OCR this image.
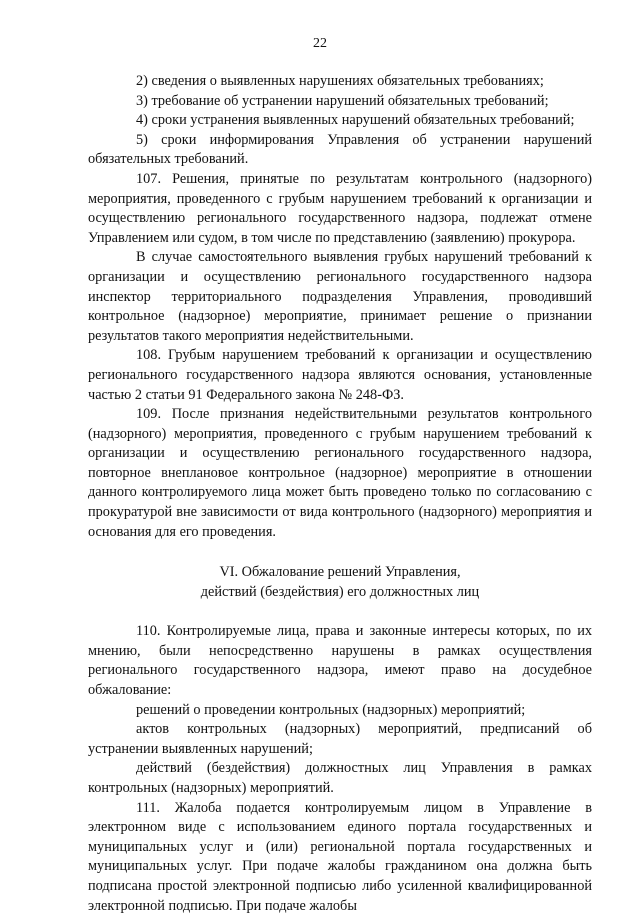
22

2) сведения о выявленных нарушениях обязательных требованиях;

3) требование об устранении нарушений обязательных требований;

4) сроки устранения выявленных нарушений обязательных требований;

5) сроки информирования Управления об устранении нарушений обязательных требований.

107. Решения, принятые по результатам контрольного (надзорного) мероприятия, проведенного с грубым нарушением требований к организации и осуществлению регионального государственного надзора, подлежат отмене Управлением или судом, в том числе по представлению (заявлению) прокурора.

В случае самостоятельного выявления грубых нарушений требований к организации и осуществлению регионального государственного надзора инспектор территориального подразделения Управления, проводивший контрольное (надзорное) мероприятие, принимает решение о признании результатов такого мероприятия недействительными.

108. Грубым нарушением требований к организации и осуществлению регионального государственного надзора являются основания, установленные частью 2 статьи 91 Федерального закона № 248-ФЗ.

109. После признания недействительными результатов контрольного (надзорного) мероприятия, проведенного с грубым нарушением требований к организации и осуществлению регионального государственного надзора, повторное внеплановое контрольное (надзорное) мероприятие в отношении данного контролируемого лица может быть проведено только по согласованию с прокуратурой вне зависимости от вида контрольного (надзорного) мероприятия и основания для его проведения.

VI. Обжалование решений Управления,
действий (бездействия) его должностных лиц

110. Контролируемые лица, права и законные интересы которых, по их мнению, были непосредственно нарушены в рамках осуществления регионального государственного надзора, имеют право на досудебное обжалование:

решений о проведении контрольных (надзорных) мероприятий;

актов контрольных (надзорных) мероприятий, предписаний об устранении выявленных нарушений;

действий (бездействия) должностных лиц Управления в рамках контрольных (надзорных) мероприятий.

111. Жалоба подается контролируемым лицом в Управление в электронном виде с использованием единого портала государственных и муниципальных услуг и (или) региональной портала государственных и муниципальных услуг. При подаче жалобы гражданином она должна быть подписана простой электронной подписью либо усиленной квалифицированной электронной подписью. При подаче жалобы
